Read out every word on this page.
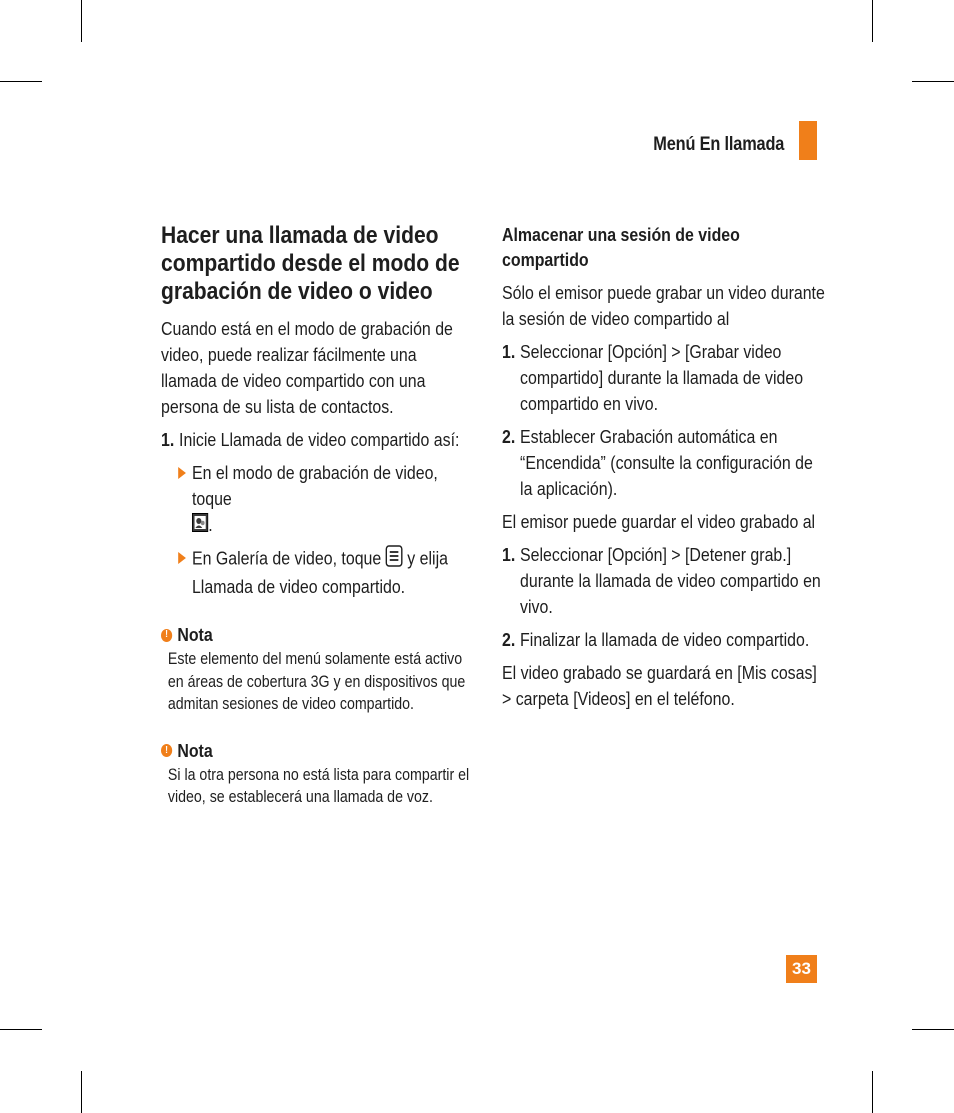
Menú En llamada
Hacer una llamada de video compartido desde el modo de grabación de video o video

Cuando está en el modo de grabación de video, puede realizar fácilmente una llamada de video compartido con una persona de su lista de contactos.

1. Inicie Llamada de video compartido así:
En el modo de grabación de video, toque
.
En Galería de video, toque y elija Llamada de video compartido.
! Nota
Este elemento del menú solamente está activo en áreas de cobertura 3G y en dispositivos que admitan sesiones de video compartido.
! Nota
Si la otra persona no está lista para compartir el video, se establecerá una llamada de voz.
Almacenar una sesión de video compartido

Sólo el emisor puede grabar un video durante la sesión de video compartido al

1. Seleccionar [Opción] > [Grabar video compartido] durante la llamada de video compartido en vivo.
2. Establecer Grabación automática en “Encendida” (consulte la configuración de la aplicación).

El emisor puede guardar el video grabado al

1. Seleccionar [Opción] > [Detener grab.] durante la llamada de video compartido en vivo.
2. Finalizar la llamada de video compartido.

El video grabado se guardará en [Mis cosas] > carpeta [Videos] en el teléfono.

33
